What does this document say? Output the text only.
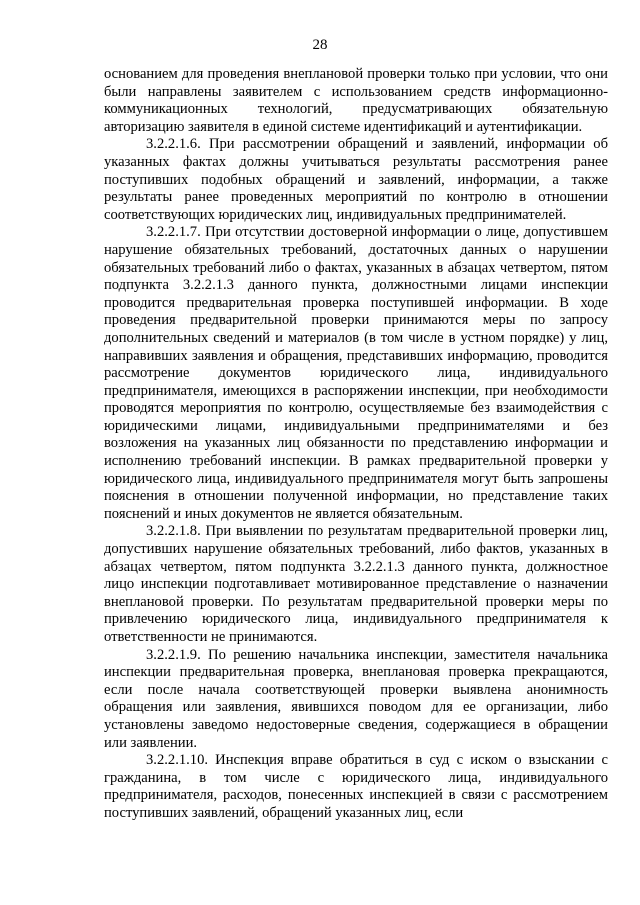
28

основанием для проведения внеплановой проверки только при условии, что они были направлены заявителем с использованием средств информационно-коммуникационных технологий, предусматривающих обязательную авторизацию заявителя в единой системе идентификаций и аутентификации.

3.2.2.1.6. При рассмотрении обращений и заявлений, информации об указанных фактах должны учитываться результаты рассмотрения ранее поступивших подобных обращений и заявлений, информации, а также результаты ранее проведенных мероприятий по контролю в отношении соответствующих юридических лиц, индивидуальных предпринимателей.

3.2.2.1.7. При отсутствии достоверной информации о лице, допустившем нарушение обязательных требований, достаточных данных о нарушении обязательных требований либо о фактах, указанных в абзацах четвертом, пятом подпункта 3.2.2.1.3 данного пункта, должностными лицами инспекции проводится предварительная проверка поступившей информации. В ходе проведения предварительной проверки принимаются меры по запросу дополнительных сведений и материалов (в том числе в устном порядке) у лиц, направивших заявления и обращения, представивших информацию, проводится рассмотрение документов юридического лица, индивидуального предпринимателя, имеющихся в распоряжении инспекции, при необходимости проводятся мероприятия по контролю, осуществляемые без взаимодействия с юридическими лицами, индивидуальными предпринимателями и без возложения на указанных лиц обязанности по представлению информации и исполнению требований инспекции. В рамках предварительной проверки у юридического лица, индивидуального предпринимателя могут быть запрошены пояснения в отношении полученной информации, но представление таких пояснений и иных документов не является обязательным.

3.2.2.1.8. При выявлении по результатам предварительной проверки лиц, допустивших нарушение обязательных требований, либо фактов, указанных в абзацах четвертом, пятом подпункта 3.2.2.1.3 данного пункта, должностное лицо инспекции подготавливает мотивированное представление о назначении внеплановой проверки. По результатам предварительной проверки меры по привлечению юридического лица, индивидуального предпринимателя к ответственности не принимаются.

3.2.2.1.9. По решению начальника инспекции, заместителя начальника инспекции предварительная проверка, внеплановая проверка прекращаются, если после начала соответствующей проверки выявлена анонимность обращения или заявления, явившихся поводом для ее организации, либо установлены заведомо недостоверные сведения, содержащиеся в обращении или заявлении.

3.2.2.1.10. Инспекция вправе обратиться в суд с иском о взыскании с гражданина, в том числе с юридического лица, индивидуального предпринимателя, расходов, понесенных инспекцией в связи с рассмотрением поступивших заявлений, обращений указанных лиц, если
